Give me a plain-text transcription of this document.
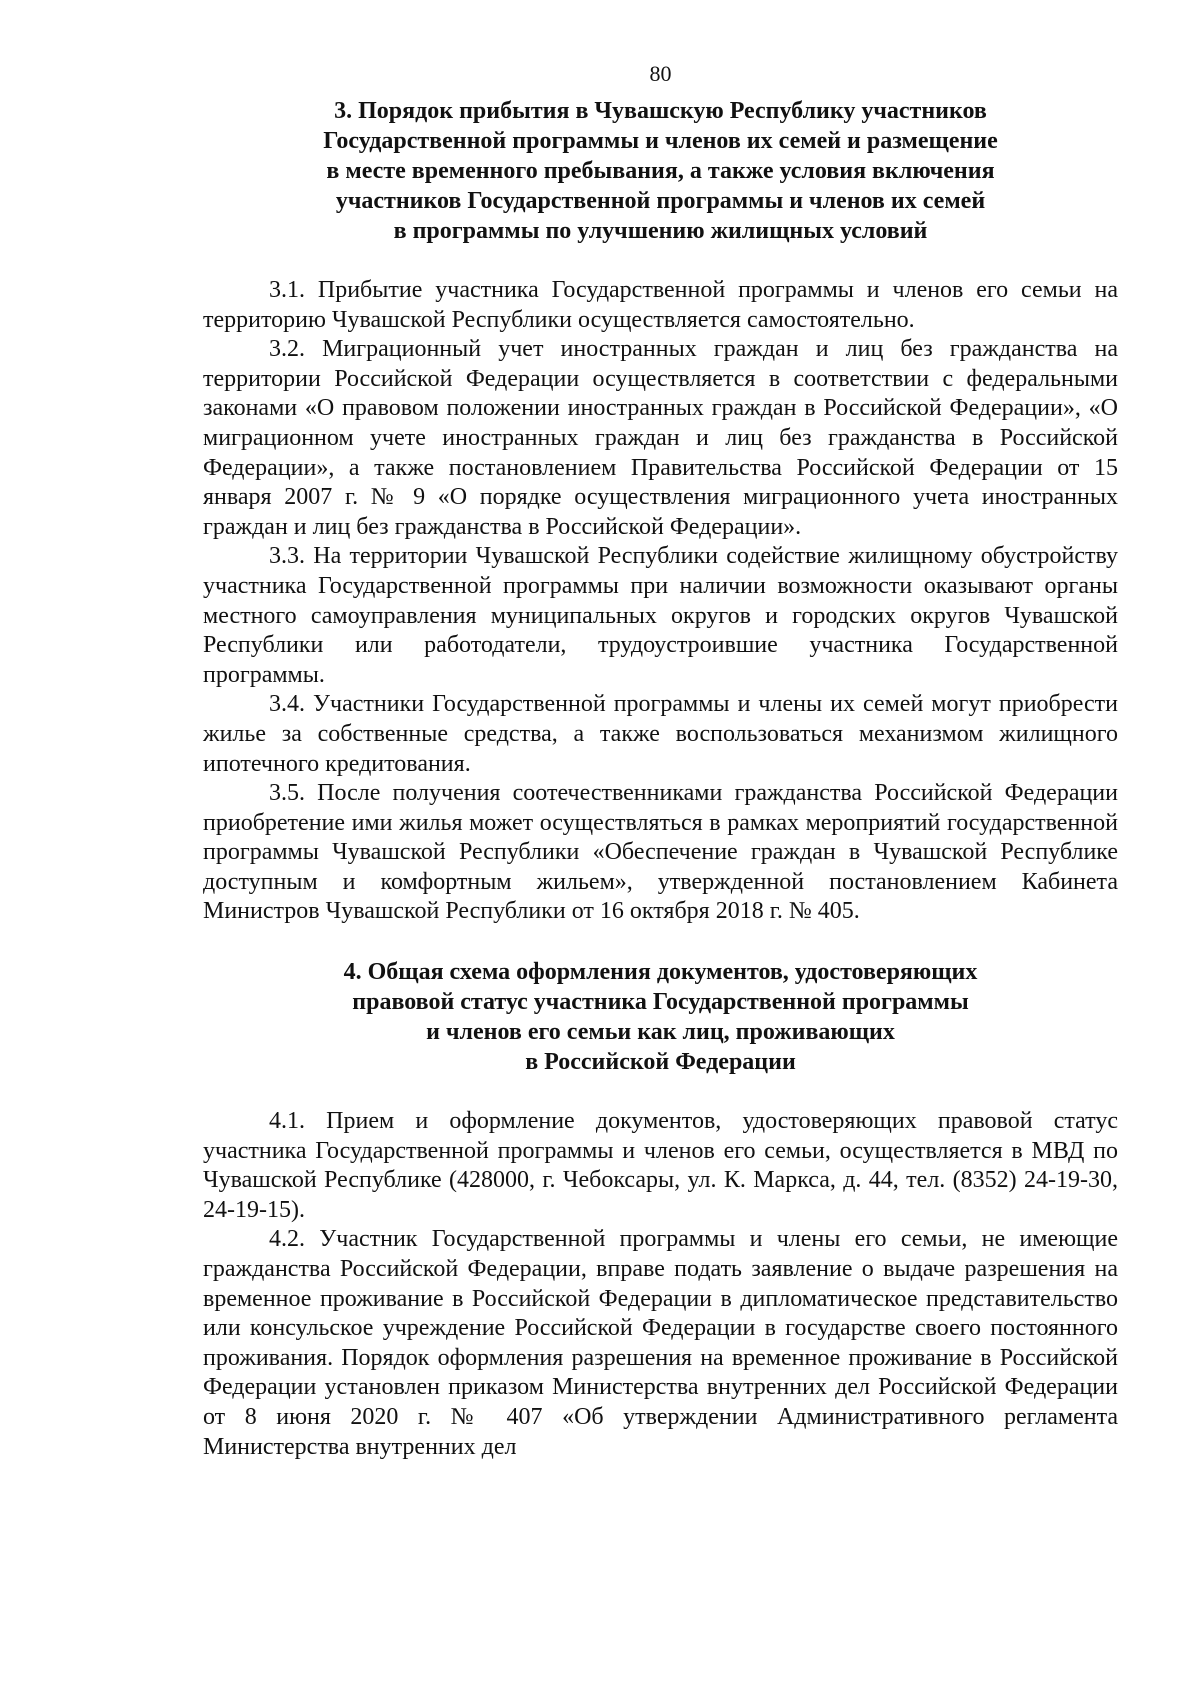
80
3. Порядок прибытия в Чувашскую Республику участников
Государственной программы и членов их семей и размещение
в месте временного пребывания, а также условия включения
участников Государственной программы и членов их семей
в программы по улучшению жилищных условий

3.1. Прибытие участника Государственной программы и членов его семьи на территорию Чувашской Республики осуществляется самостоятельно.

3.2. Миграционный учет иностранных граждан и лиц без гражданства на территории Российской Федерации осуществляется в соответствии с федеральными законами «О правовом положении иностранных граждан в Российской Федерации», «О миграционном учете иностранных граждан и лиц без гражданства в Российской Федерации», а также постановлением Правительства Российской Федерации от 15 января 2007 г. № 9 «О порядке осуществления миграционного учета иностранных граждан и лиц без гражданства в Российской Федерации».

3.3. На территории Чувашской Республики содействие жилищному обустройству участника Государственной программы при наличии возможности оказывают органы местного самоуправления муниципальных округов и городских округов Чувашской Республики или работодатели, трудоустроившие участника Государственной программы.

3.4. Участники Государственной программы и члены их семей могут приобрести жилье за собственные средства, а также воспользоваться механизмом жилищного ипотечного кредитования.

3.5. После получения соотечественниками гражданства Российской Федерации приобретение ими жилья может осуществляться в рамках мероприятий государственной программы Чувашской Республики «Обеспечение граждан в Чувашской Республике доступным и комфортным жильем», утвержденной постановлением Кабинета Министров Чувашской Республики от 16 октября 2018 г. № 405.

4. Общая схема оформления документов, удостоверяющих
правовой статус участника Государственной программы
и членов его семьи как лиц, проживающих
в Российской Федерации

4.1. Прием и оформление документов, удостоверяющих правовой статус участника Государственной программы и членов его семьи, осуществляется в МВД по Чувашской Республике (428000, г. Чебоксары, ул. К. Маркса, д. 44, тел. (8352) 24-19-30, 24-19-15).

4.2. Участник Государственной программы и члены его семьи, не имеющие гражданства Российской Федерации, вправе подать заявление о выдаче разрешения на временное проживание в Российской Федерации в дипломатическое представительство или консульское учреждение Российской Федерации в государстве своего постоянного проживания. Порядок оформления разрешения на временное проживание в Российской Федерации установлен приказом Министерства внутренних дел Российской Федерации от 8 июня 2020 г. № 407 «Об утверждении Административного регламента Министерства внутренних дел
